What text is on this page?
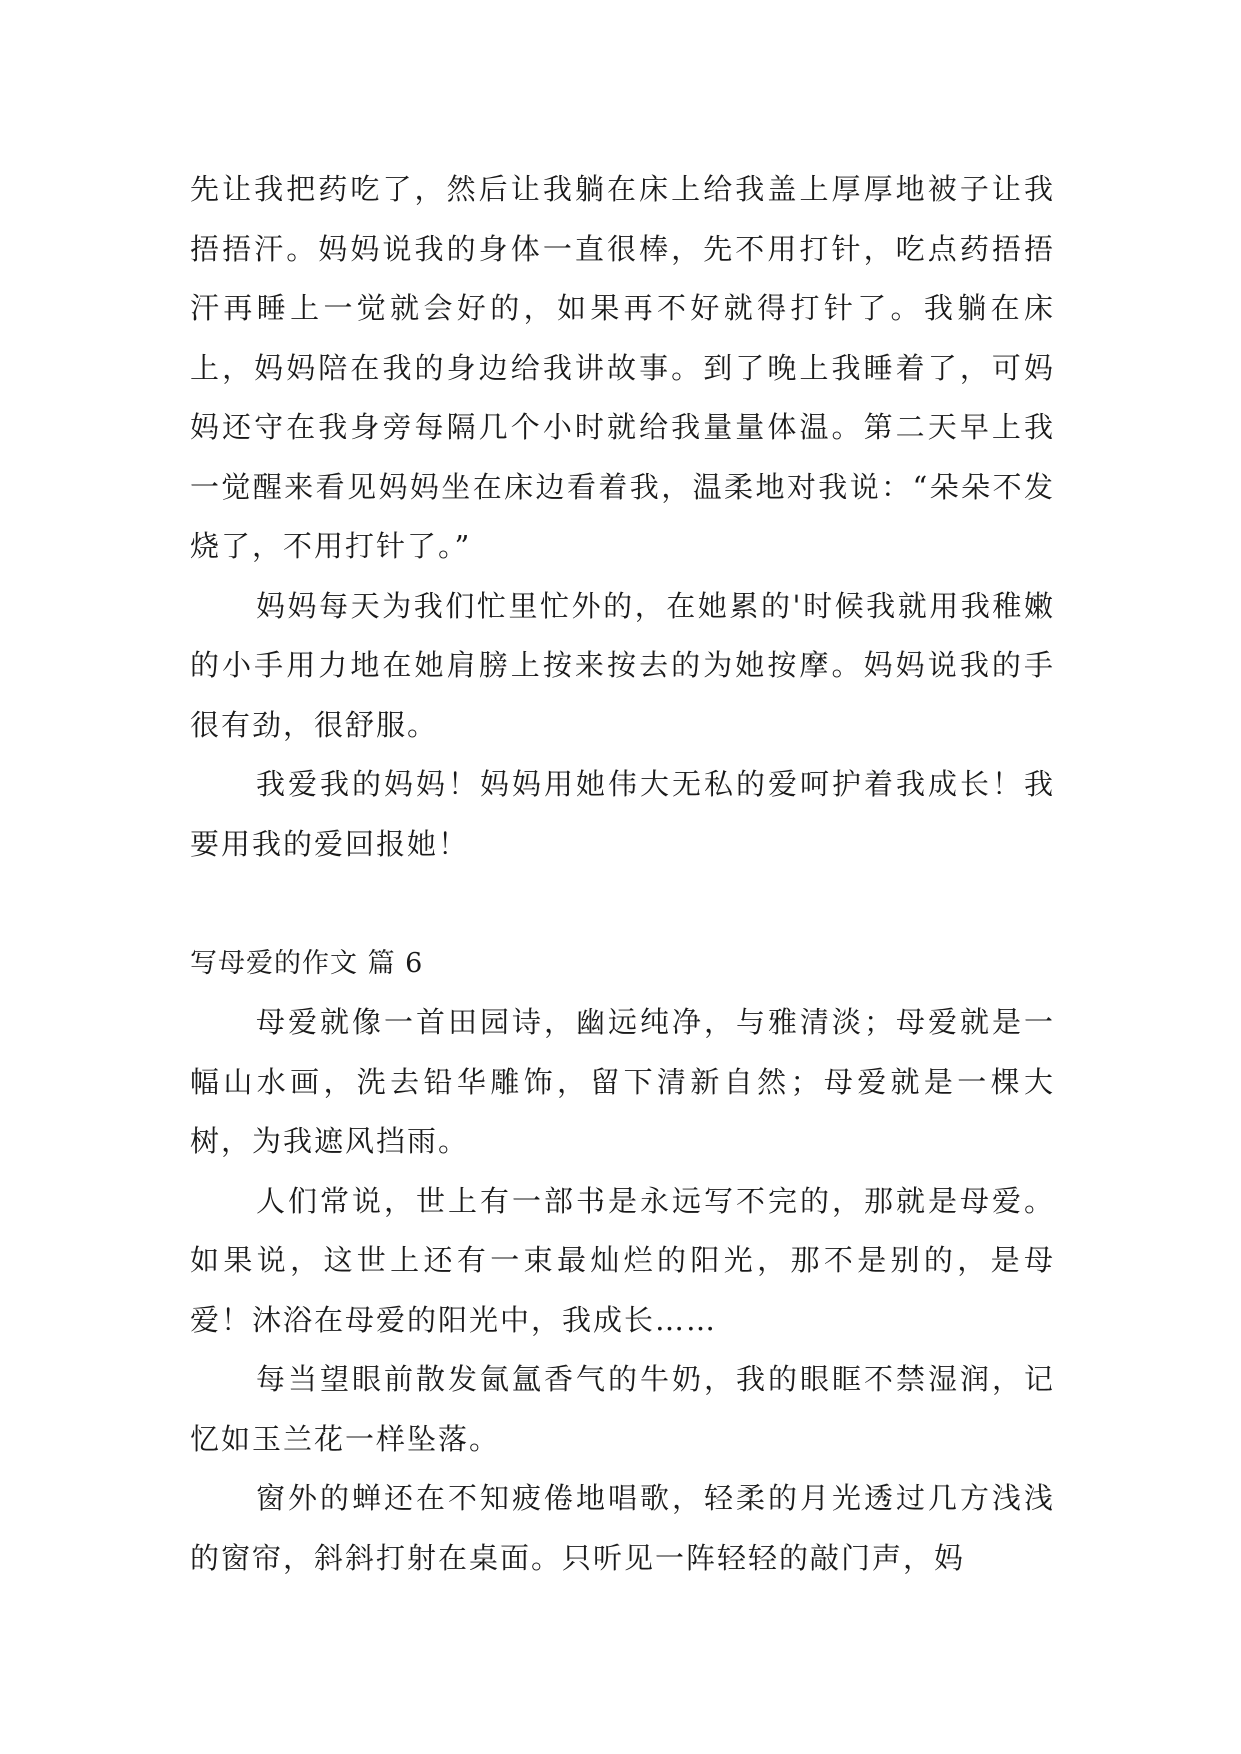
先让我把药吃了，然后让我躺在床上给我盖上厚厚地被子让我捂捂汗。妈妈说我的身体一直很棒，先不用打针，吃点药捂捂汗再睡上一觉就会好的，如果再不好就得打针了。我躺在床上，妈妈陪在我的身边给我讲故事。到了晚上我睡着了，可妈妈还守在我身旁每隔几个小时就给我量量体温。第二天早上我一觉醒来看见妈妈坐在床边看着我，温柔地对我说：“朵朵不发烧了，不用打针了。”

妈妈每天为我们忙里忙外的，在她累的'时候我就用我稚嫩的小手用力地在她肩膀上按来按去的为她按摩。妈妈说我的手很有劲，很舒服。

我爱我的妈妈！妈妈用她伟大无私的爱呵护着我成长！我要用我的爱回报她！

写母爱的作文 篇 6

母爱就像一首田园诗，幽远纯净，与雅清淡；母爱就是一幅山水画，洗去铅华雕饰，留下清新自然；母爱就是一棵大树，为我遮风挡雨。

人们常说，世上有一部书是永远写不完的，那就是母爱。如果说，这世上还有一束最灿烂的阳光，那不是别的，是母爱！沐浴在母爱的阳光中，我成长……

每当望眼前散发氤氲香气的牛奶，我的眼眶不禁湿润，记忆如玉兰花一样坠落。

窗外的蝉还在不知疲倦地唱歌，轻柔的月光透过几方浅浅的窗帘，斜斜打射在桌面。只听见一阵轻轻的敲门声，妈
